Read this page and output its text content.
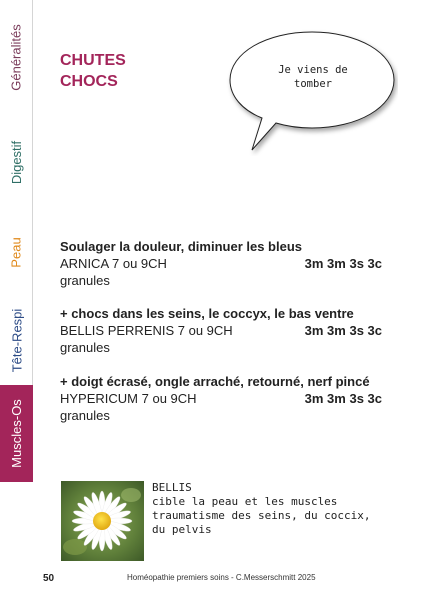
Généralités
Digestif
Peau
Tête-Respi
Muscles-Os
CHUTES
CHOCS
Je viens de
tomber
Soulager la douleur, diminuer les bleus
ARNICA 7 ou 9CH	3m 3m 3s 3c
granules
+ chocs dans les seins, le coccyx, le bas ventre
BELLIS PERRENIS 7 ou 9CH	3m 3m 3s 3c
granules
+ doigt écrasé, ongle arraché, retourné, nerf pincé
HYPERICUM 7 ou 9CH	3m 3m 3s 3c
granules
BELLIS
cible la peau et les muscles
traumatisme des seins, du coccix,
du pelvis
50	Homéopathie premiers soins - C.Messerschmitt 2025
